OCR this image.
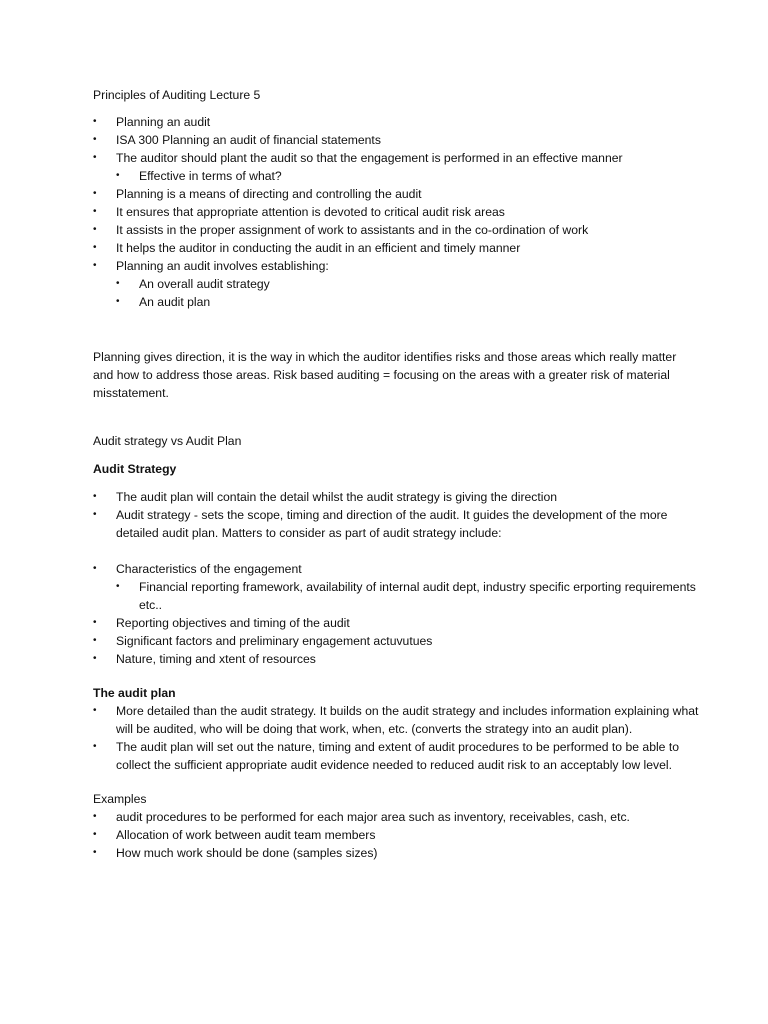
Principles of Auditing Lecture 5

• Planning an audit
• ISA 300 Planning an audit of financial statements
• The auditor should plant the audit so that the engagement is performed in an effective manner
• Effective in terms of what?
• Planning is a means of directing and controlling the audit
• It ensures that appropriate attention is devoted to critical audit risk areas
• It assists in the proper assignment of work to assistants and in the co-ordination of work
• It helps the auditor in conducting the audit in an efficient and timely manner
• Planning an audit involves establishing:
• An overall audit strategy
• An audit plan

Planning gives direction, it is the way in which the auditor identifies risks and those areas which really matter and how to address those areas. Risk based auditing = focusing on the areas with a greater risk of material misstatement.

Audit strategy vs Audit Plan

Audit Strategy

• The audit plan will contain the detail whilst the audit strategy is giving the direction
• Audit strategy - sets the scope, timing and direction of the audit. It guides the development of the more detailed audit plan. Matters to consider as part of audit strategy include:
• Characteristics of the engagement
• Financial reporting framework, availability of internal audit dept, industry specific erporting requirements etc..
• Reporting objectives and timing of the audit
• Significant factors and preliminary engagement actuvutues
• Nature, timing and xtent of resources

The audit plan

• More detailed than the audit strategy. It builds on the audit strategy and includes information explaining what will be audited, who will be doing that work, when, etc. (converts the strategy into an audit plan).
• The audit plan will set out the nature, timing and extent of audit procedures to be performed to be able to collect the sufficient appropriate audit evidence needed to reduced audit risk to an acceptably low level.

Examples

• audit procedures to be performed for each major area such as inventory, receivables, cash, etc.
• Allocation of work between audit team members
• How much work should be done (samples sizes)
